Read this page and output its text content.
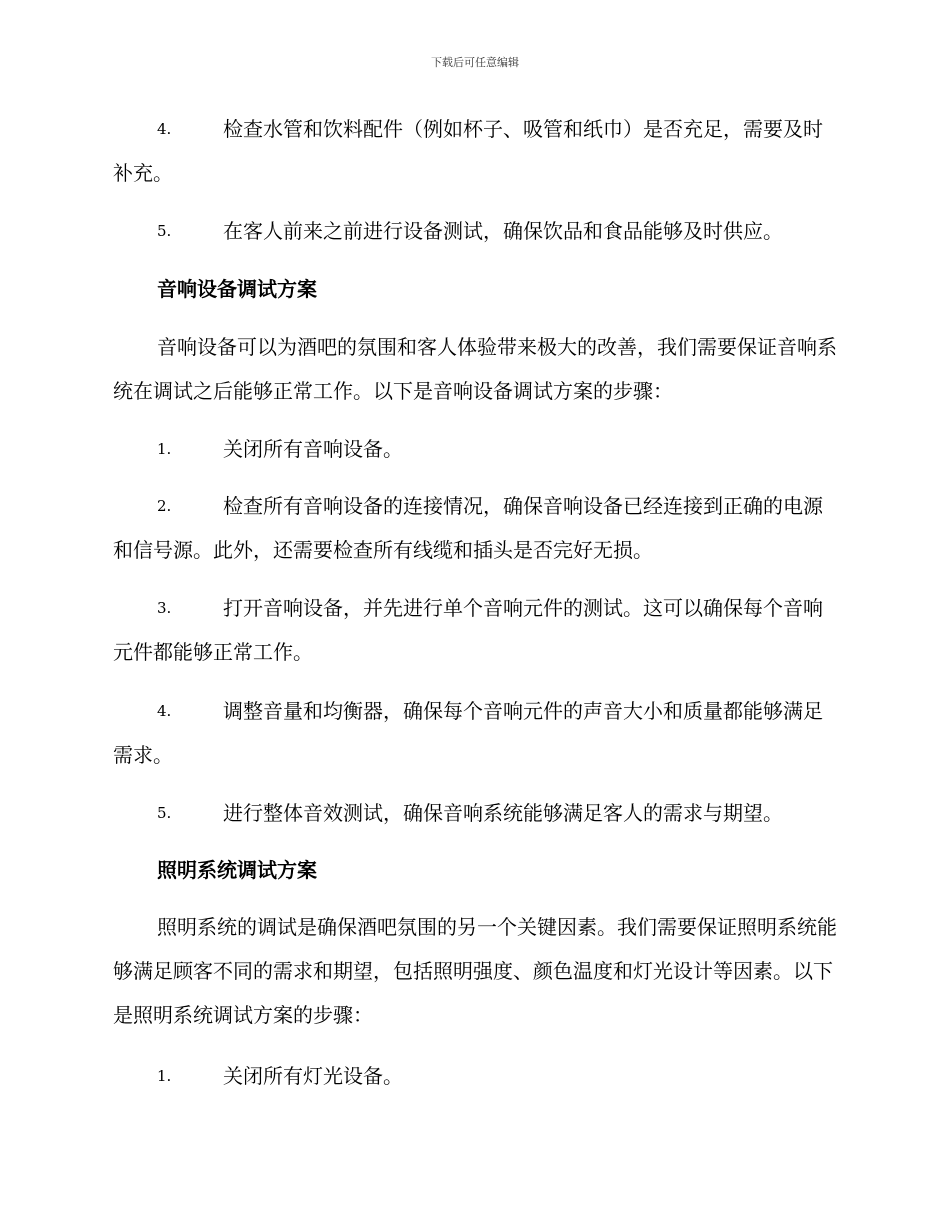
下载后可任意编辑
4.	检查水管和饮料配件（例如杯子、吸管和纸巾）是否充足，需要及时补充。
5.	在客人前来之前进行设备测试，确保饮品和食品能够及时供应。
音响设备调试方案
音响设备可以为酒吧的氛围和客人体验带来极大的改善，我们需要保证音响系统在调试之后能够正常工作。以下是音响设备调试方案的步骤：
1.	关闭所有音响设备。
2.	检查所有音响设备的连接情况，确保音响设备已经连接到正确的电源和信号源。此外，还需要检查所有线缆和插头是否完好无损。
3.	打开音响设备，并先进行单个音响元件的测试。这可以确保每个音响元件都能够正常工作。
4.	调整音量和均衡器，确保每个音响元件的声音大小和质量都能够满足需求。
5.	进行整体音效测试，确保音响系统能够满足客人的需求与期望。
照明系统调试方案
照明系统的调试是确保酒吧氛围的另一个关键因素。我们需要保证照明系统能够满足顾客不同的需求和期望，包括照明强度、颜色温度和灯光设计等因素。以下是照明系统调试方案的步骤：
1.	关闭所有灯光设备。
